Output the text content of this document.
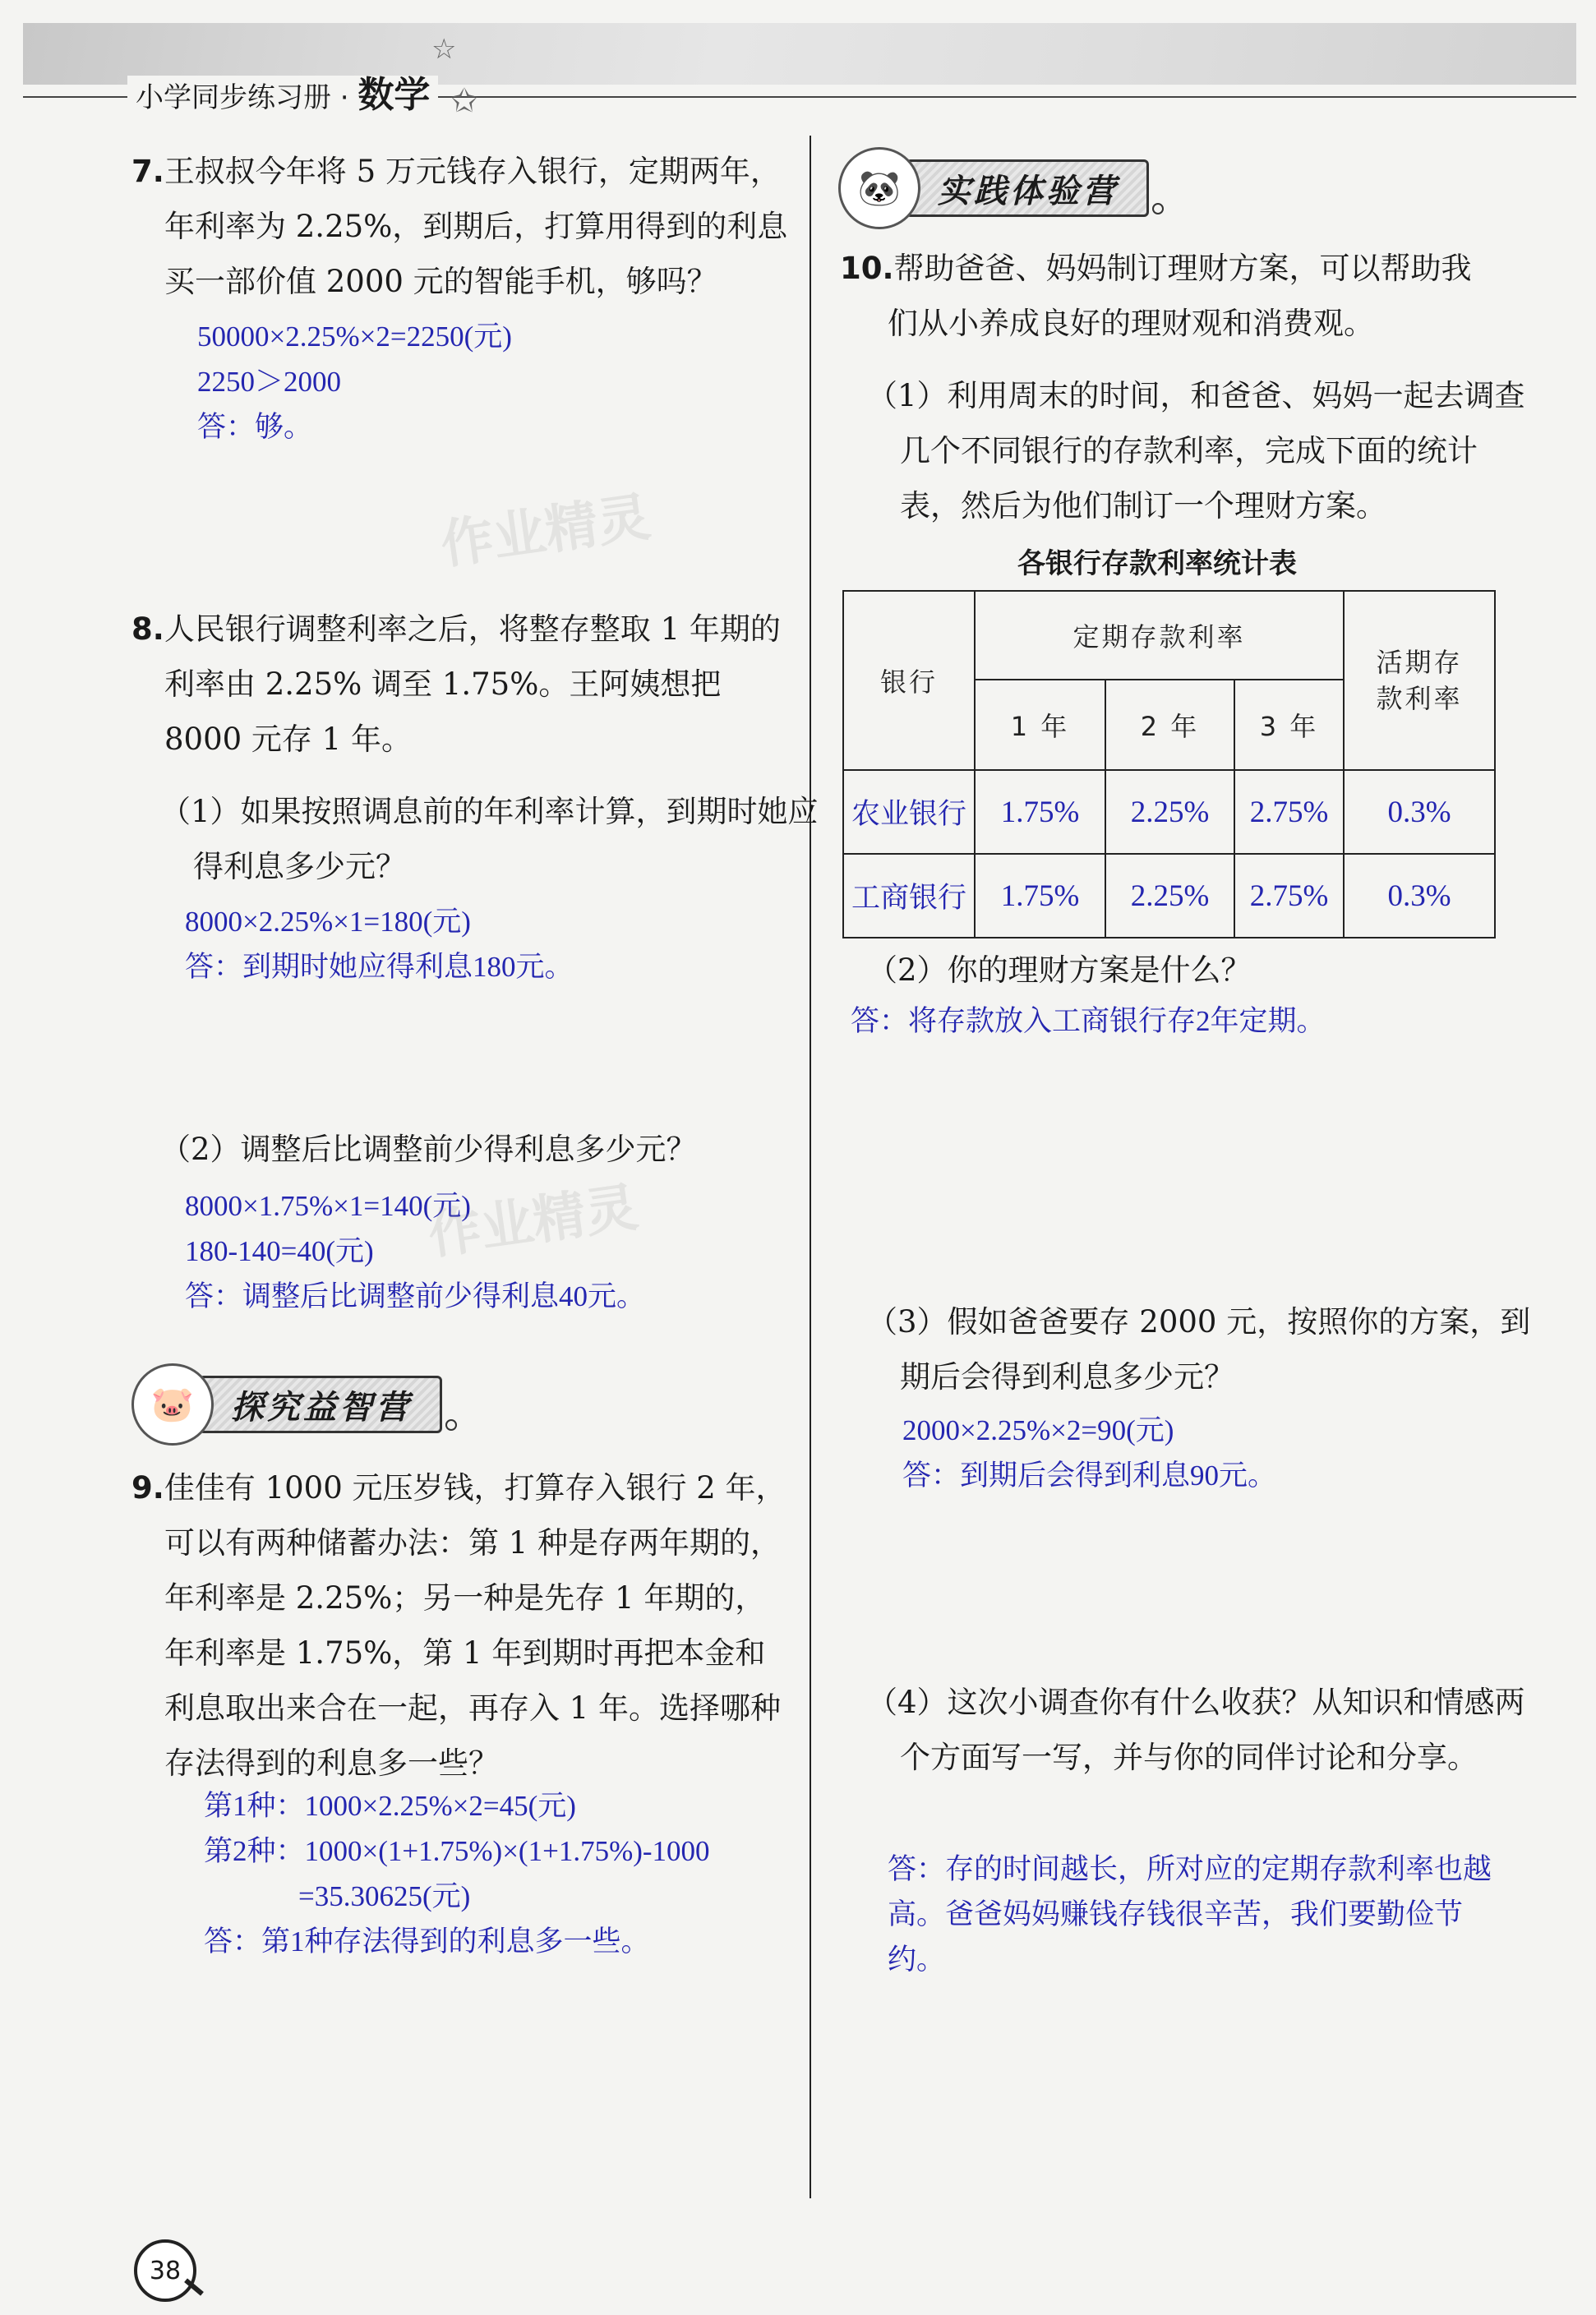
小学同步练习册 · 数学
☆
✩
7.王叔叔今年将 5 万元钱存入银行，定期两年，年利率为 2.25%，到期后，打算用得到的利息买一部价值 2000 元的智能手机，够吗？
50000×2.25%×2=2250(元)
2250＞2000
答：够。
8.人民银行调整利率之后，将整存整取 1 年期的利率由 2.25% 调至 1.75%。王阿姨想把 8000 元存 1 年。
（1）如果按照调息前的年利率计算，到期时她应得利息多少元？
8000×2.25%×1=180(元)
答：到期时她应得利息180元。
（2）调整后比调整前少得利息多少元？
8000×1.75%×1=140(元)
180-140=40(元)
答：调整后比调整前少得利息40元。
作业精灵
作业精灵
🐷	探究益智营
9.佳佳有 1000 元压岁钱，打算存入银行 2 年，可以有两种储蓄办法：第 1 种是存两年期的，年利率是 2.25%；另一种是先存 1 年期的，年利率是 1.75%，第 1 年到期时再把本金和利息取出来合在一起，再存入 1 年。选择哪种存法得到的利息多一些？
第1种：1000×2.25%×2=45(元)
第2种：1000×(1+1.75%)×(1+1.75%)-1000
=35.30625(元)
答：第1种存法得到的利息多一些。
🐼	实践体验营
10.帮助爸爸、妈妈制订理财方案，可以帮助我们从小养成良好的理财观和消费观。
（1）利用周末的时间，和爸爸、妈妈一起去调查几个不同银行的存款利率，完成下面的统计表，然后为他们制订一个理财方案。
各银行存款利率统计表
银行	定期存款利率			活期存款利率

	1 年	2 年	3 年	
农业银行	1.75%	2.25%	2.75%	0.3%
工商银行	1.75%	2.25%	2.75%	0.3%
（2）你的理财方案是什么？
答：将存款放入工商银行存2年定期。
（3）假如爸爸要存 2000 元，按照你的方案，到期后会得到利息多少元？
2000×2.25%×2=90(元)
答：到期后会得到利息90元。
（4）这次小调查你有什么收获？从知识和情感两个方面写一写，并与你的同伴讨论和分享。
答：存的时间越长，所对应的定期存款利率也越高。爸爸妈妈赚钱存钱很辛苦，我们要勤俭节约。
38
